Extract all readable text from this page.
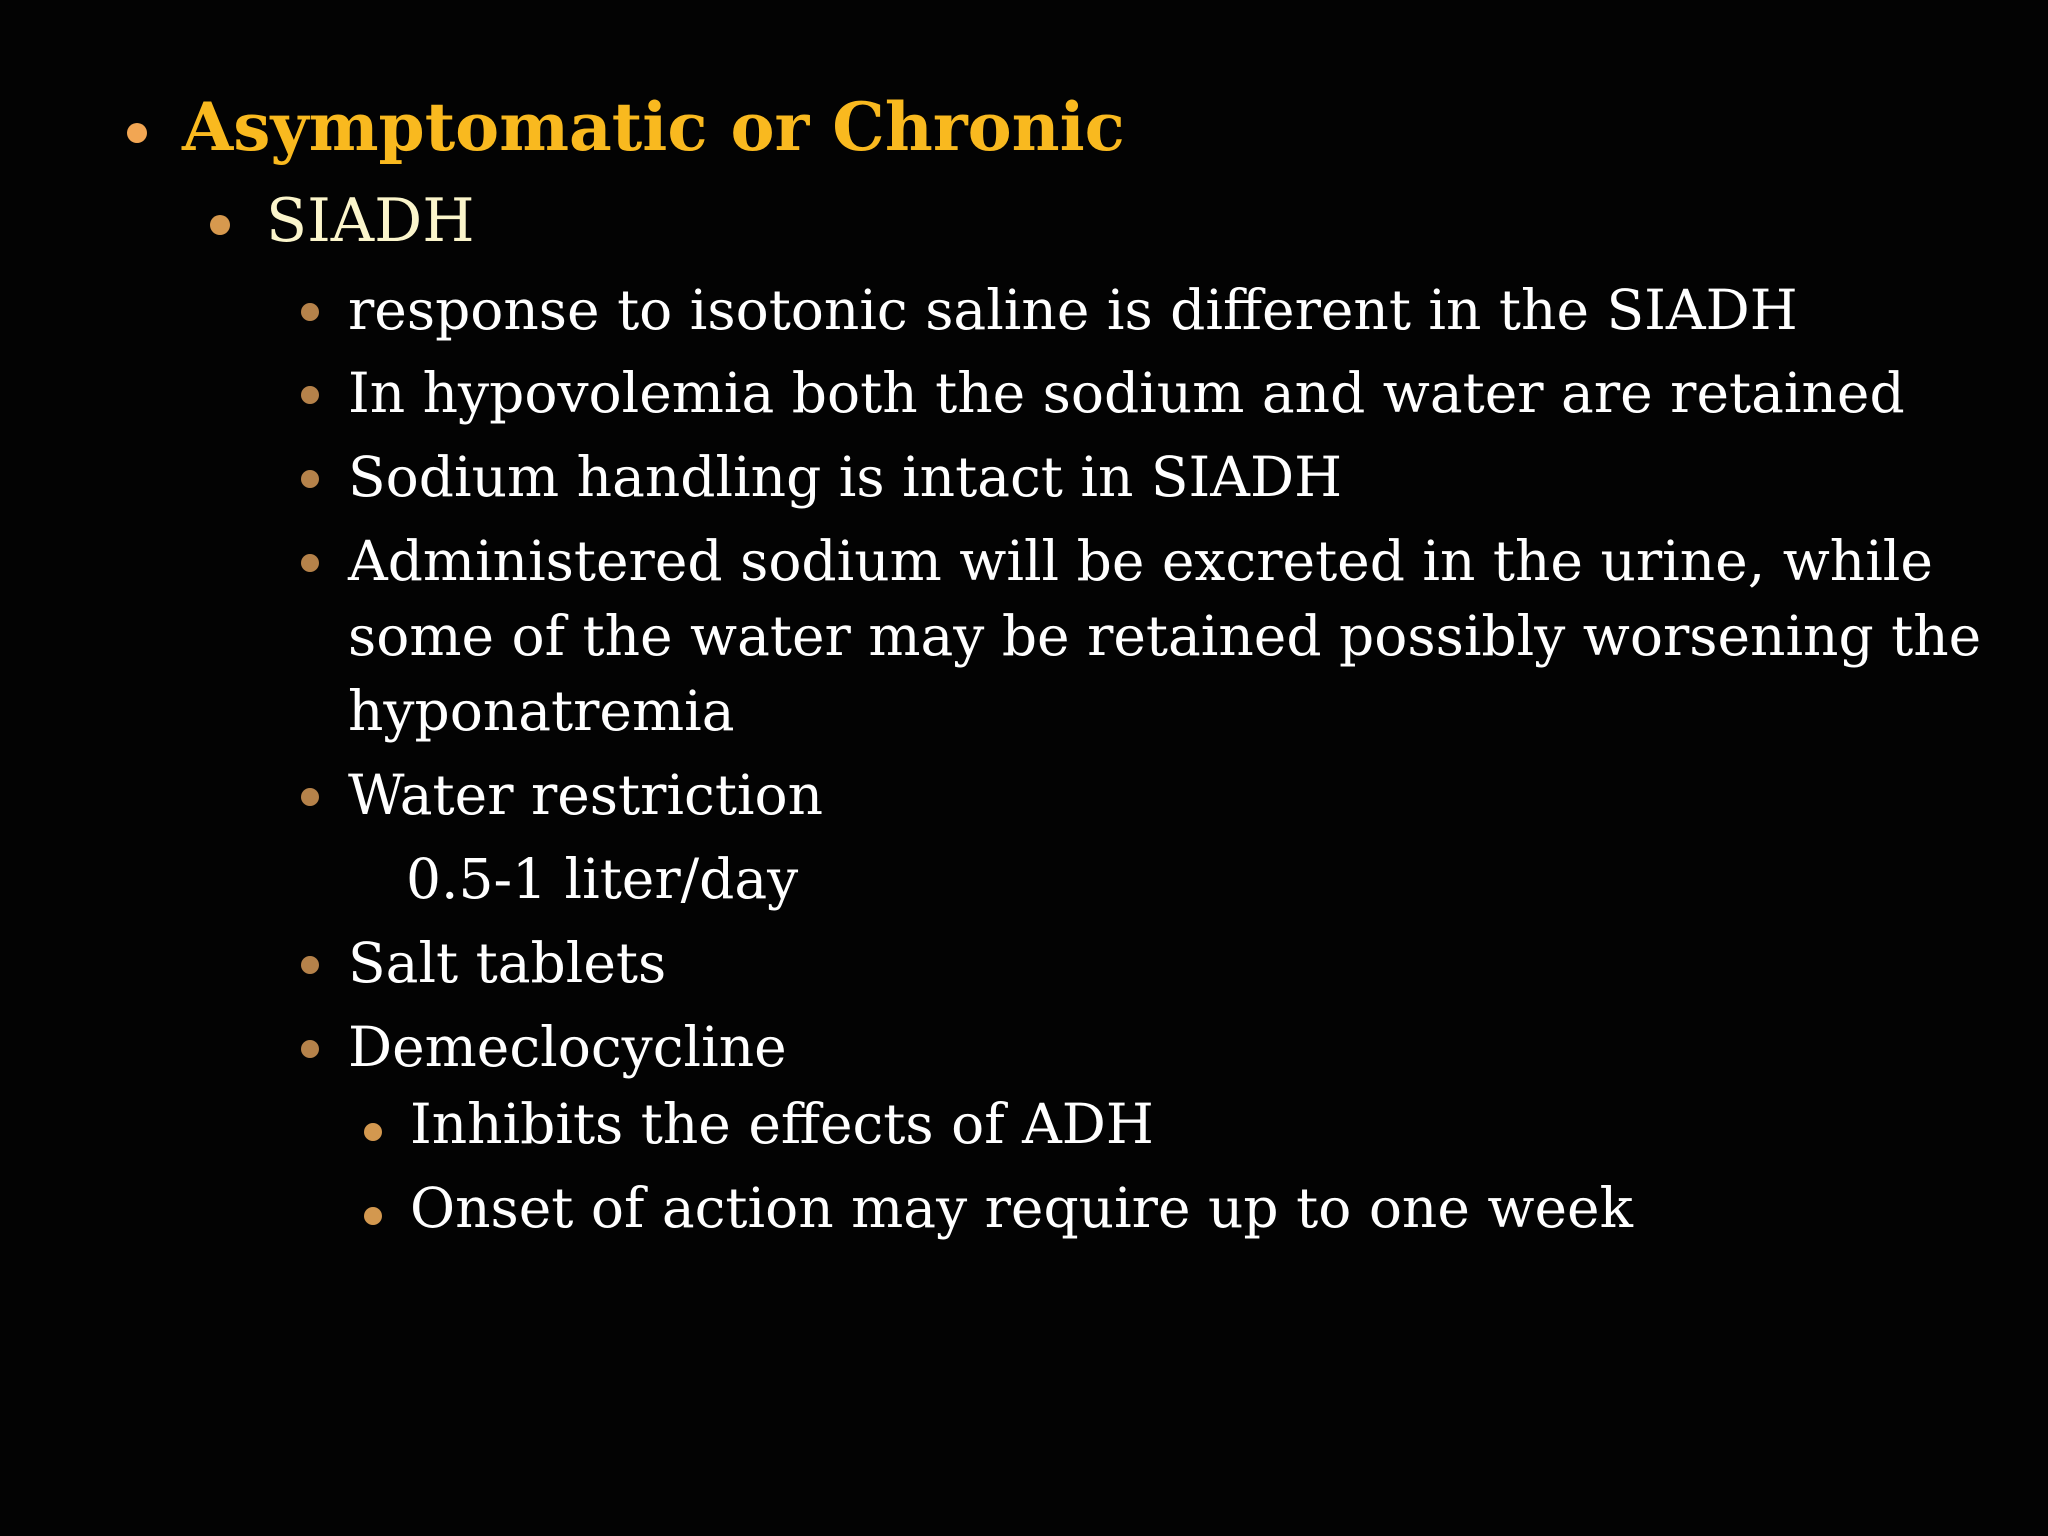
Asymptomatic or Chronic
SIADH
response to isotonic saline is different in the SIADH
In hypovolemia both the sodium and water are retained
Sodium handling is intact in SIADH
Administered sodium will be excreted in the urine, while
some of the water may be retained possibly worsening the
hyponatremia
Water restriction
0.5-1 liter/day
Salt tablets
Demeclocycline
Inhibits the effects of ADH
Onset of action may require up to one week
